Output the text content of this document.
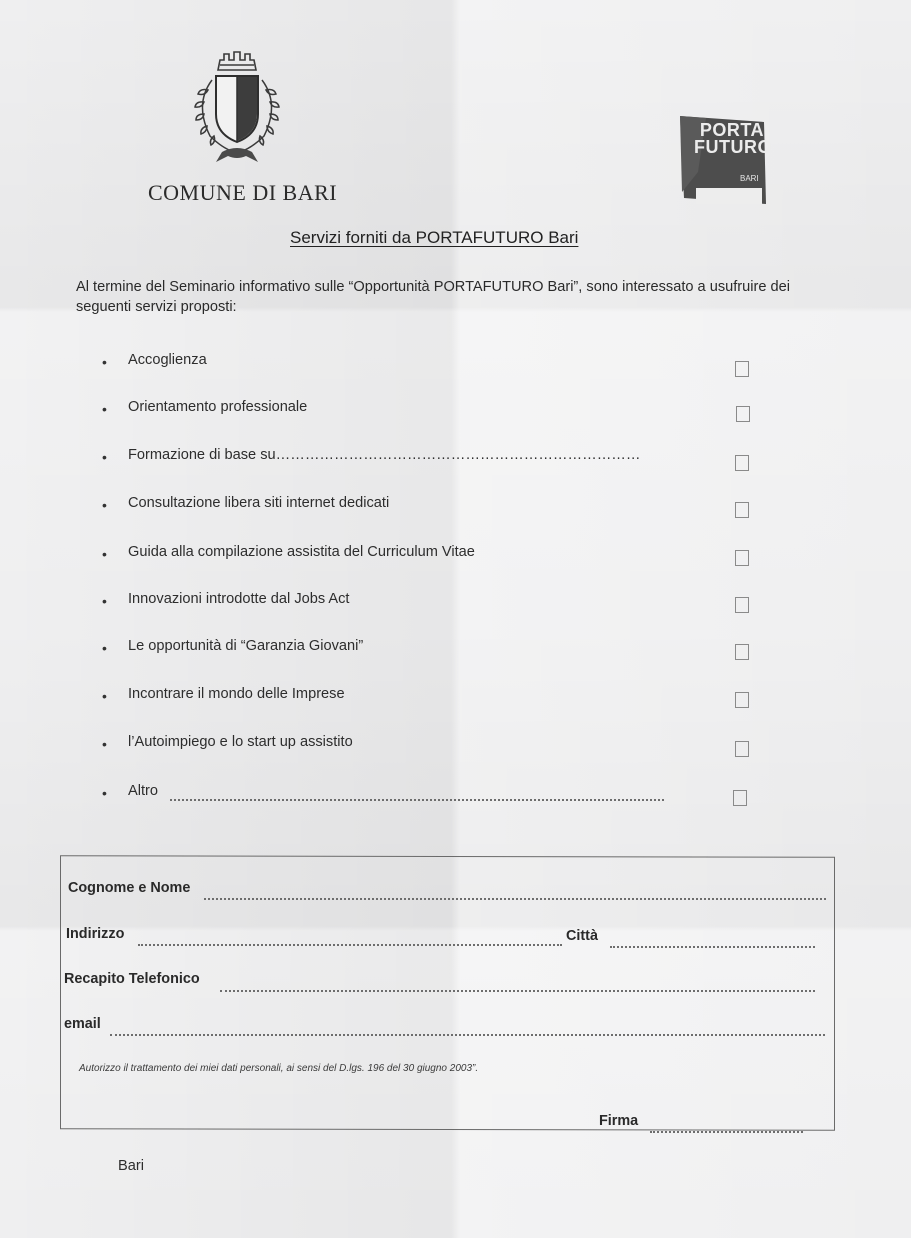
COMUNE DI BARI
PORTA
FUTURO
BARI
Servizi forniti da PORTAFUTURO Bari
Al termine del Seminario informativo sulle “Opportunità PORTAFUTURO Bari”, sono interessato a usufruire dei seguenti servizi proposti:
• Accoglienza
• Orientamento professionale
• Formazione di base su…………………………………………………………………
• Consultazione libera siti internet dedicati
• Guida alla compilazione assistita del Curriculum Vitae
• Innovazioni introdotte dal Jobs Act
• Le opportunità di “Garanzia Giovani”
• Incontrare il mondo delle Imprese
• l’Autoimpiego e lo start up assistito
• Altro
Cognome e Nome
Indirizzo	Città
Recapito Telefonico
email
Autorizzo il trattamento dei miei dati personali, ai sensi del D.lgs. 196 del 30 giugno 2003”.
Firma
Bari
